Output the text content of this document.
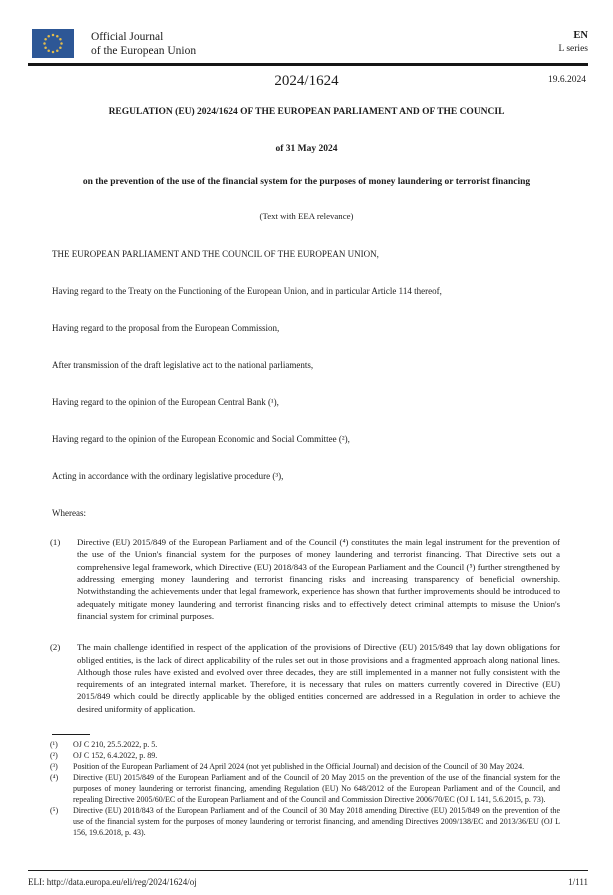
Official Journal
of the European Union
EN
L series
2024/1624	19.6.2024
REGULATION (EU) 2024/1624 OF THE EUROPEAN PARLIAMENT AND OF THE COUNCIL

of 31 May 2024

on the prevention of the use of the financial system for the purposes of money laundering or terrorist financing

(Text with EEA relevance)

THE EUROPEAN PARLIAMENT AND THE COUNCIL OF THE EUROPEAN UNION,

Having regard to the Treaty on the Functioning of the European Union, and in particular Article 114 thereof,

Having regard to the proposal from the European Commission,

After transmission of the draft legislative act to the national parliaments,

Having regard to the opinion of the European Central Bank (¹),

Having regard to the opinion of the European Economic and Social Committee (²),

Acting in accordance with the ordinary legislative procedure (³),

Whereas:

(1)	Directive (EU) 2015/849 of the European Parliament and of the Council (⁴) constitutes the main legal instrument for the prevention of the use of the Union's financial system for the purposes of money laundering and terrorist financing. That Directive sets out a comprehensive legal framework, which Directive (EU) 2018/843 of the European Parliament and the Council (⁵) further strengthened by addressing emerging money laundering and terrorist financing risks and increasing transparency of beneficial ownership. Notwithstanding the achievements under that legal framework, experience has shown that further improvements should be introduced to adequately mitigate money laundering and terrorist financing risks and to effectively detect criminal attempts to misuse the Union's financial system for criminal purposes.

(2)	The main challenge identified in respect of the application of the provisions of Directive (EU) 2015/849 that lay down obligations for obliged entities, is the lack of direct applicability of the rules set out in those provisions and a fragmented approach along national lines. Although those rules have existed and evolved over three decades, they are still implemented in a manner not fully consistent with the requirements of an integrated internal market. Therefore, it is necessary that rules on matters currently covered in Directive (EU) 2015/849 which could be directly applicable by the obliged entities concerned are addressed in a Regulation in order to achieve the desired uniformity of application.

(¹)	OJ C 210, 25.5.2022, p. 5.

(²)	OJ C 152, 6.4.2022, p. 89.

(³)	Position of the European Parliament of 24 April 2024 (not yet published in the Official Journal) and decision of the Council of 30 May 2024.

(⁴)	Directive (EU) 2015/849 of the European Parliament and of the Council of 20 May 2015 on the prevention of the use of the financial system for the purposes of money laundering or terrorist financing, amending Regulation (EU) No 648/2012 of the European Parliament and of the Council, and repealing Directive 2005/60/EC of the European Parliament and of the Council and Commission Directive 2006/70/EC (OJ L 141, 5.6.2015, p. 73).

(⁵)	Directive (EU) 2018/843 of the European Parliament and of the Council of 30 May 2018 amending Directive (EU) 2015/849 on the prevention of the use of the financial system for the purposes of money laundering or terrorist financing, and amending Directives 2009/138/EC and 2013/36/EU (OJ L 156, 19.6.2018, p. 43).

ELI: http://data.europa.eu/eli/reg/2024/1624/oj	1/111
